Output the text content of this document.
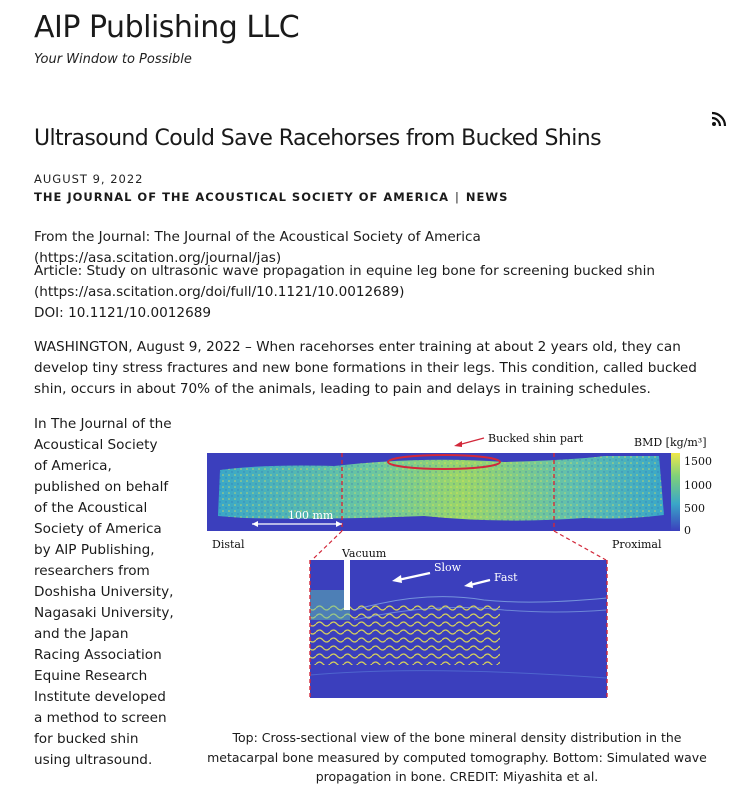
AIP Publishing LLC
Your Window to Possible
Ultrasound Could Save Racehorses from Bucked Shins
AUGUST 9, 2022
THE JOURNAL OF THE ACOUSTICAL SOCIETY OF AMERICA | NEWS
From the Journal: The Journal of the Acoustical Society of America (https://asa.scitation.org/journal/jas)
Article: Study on ultrasonic wave propagation in equine leg bone for screening bucked shin
(https://asa.scitation.org/doi/full/10.1121/10.0012689)
DOI: 10.1121/10.0012689
WASHINGTON, August 9, 2022 – When racehorses enter training at about 2 years old, they can develop tiny stress fractures and new bone formations in their legs. This condition, called bucked shin, occurs in about 70% of the animals, leading to pain and delays in training schedules.
In The Journal of the Acoustical Society of America, published on behalf of the Acoustical Society of America by AIP Publishing, researchers from Doshisha University, Nagasaki University, and the Japan Racing Association Equine Research Institute developed a method to screen for bucked shin using ultrasound.
100 mm
1500
1000
500
0
BMD [kg/m³]
Bucked shin part
Distal	Proximal
Vacuum
Slow
Fast
Top: Cross-sectional view of the bone mineral density distribution in the metacarpal bone measured by computed tomography. Bottom: Simulated wave propagation in bone. CREDIT: Miyashita et al.
